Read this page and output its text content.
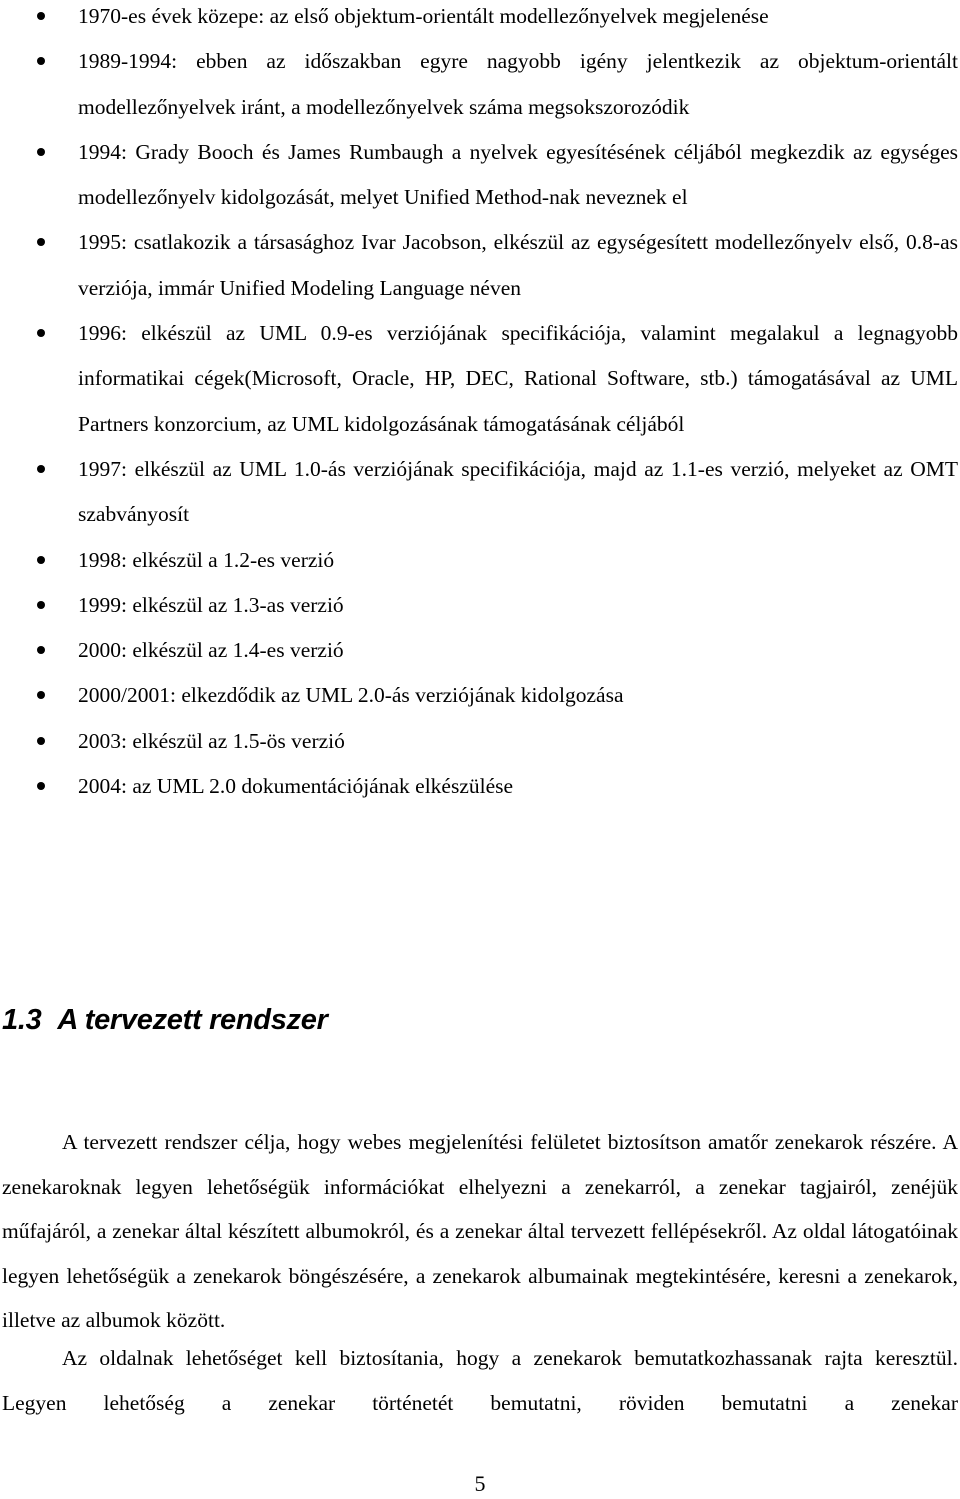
1970-es évek közepe: az első objektum-orientált modellezőnyelvek megjelenése
1989-1994: ebben az időszakban egyre nagyobb igény jelentkezik az objektum-orientált modellezőnyelvek iránt, a modellezőnyelvek száma megsokszorozódik
1994: Grady Booch és James Rumbaugh a nyelvek egyesítésének céljából megkezdik az egységes modellezőnyelv kidolgozását, melyet Unified Method-nak neveznek el
1995: csatlakozik a társasághoz Ivar Jacobson, elkészül az egységesített modellezőnyelv első, 0.8-as verziója, immár Unified Modeling Language néven
1996: elkészül az UML 0.9-es verziójának specifikációja, valamint megalakul a legnagyobb informatikai cégek(Microsoft, Oracle, HP, DEC, Rational Software, stb.) támogatásával az UML Partners konzorcium, az UML kidolgozásának támogatásának céljából
1997: elkészül az UML 1.0-ás verziójának specifikációja, majd az 1.1-es verzió, melyeket az OMT szabványosít
1998: elkészül a 1.2-es verzió
1999: elkészül az 1.3-as verzió
2000: elkészül az 1.4-es verzió
2000/2001: elkezdődik az UML 2.0-ás verziójának kidolgozása
2003: elkészül az 1.5-ös verzió
2004: az UML 2.0 dokumentációjának elkészülése
1.3 A tervezett rendszer

A tervezett rendszer célja, hogy webes megjelenítési felületet biztosítson amatőr zenekarok részére. A zenekaroknak legyen lehetőségük információkat elhelyezni a zenekarról, a zenekar tagjairól, zenéjük műfajáról, a zenekar által készített albumokról, és a zenekar által tervezett fellépésekről. Az oldal látogatóinak legyen lehetőségük a zenekarok böngészésére, a zenekarok albumainak megtekintésére, keresni a zenekarok, illetve az albumok között.

Az oldalnak lehetőséget kell biztosítania, hogy a zenekarok bemutatkozhassanak rajta keresztül. Legyen lehetőség a zenekar történetét bemutatni, röviden bemutatni a zenekar

5
